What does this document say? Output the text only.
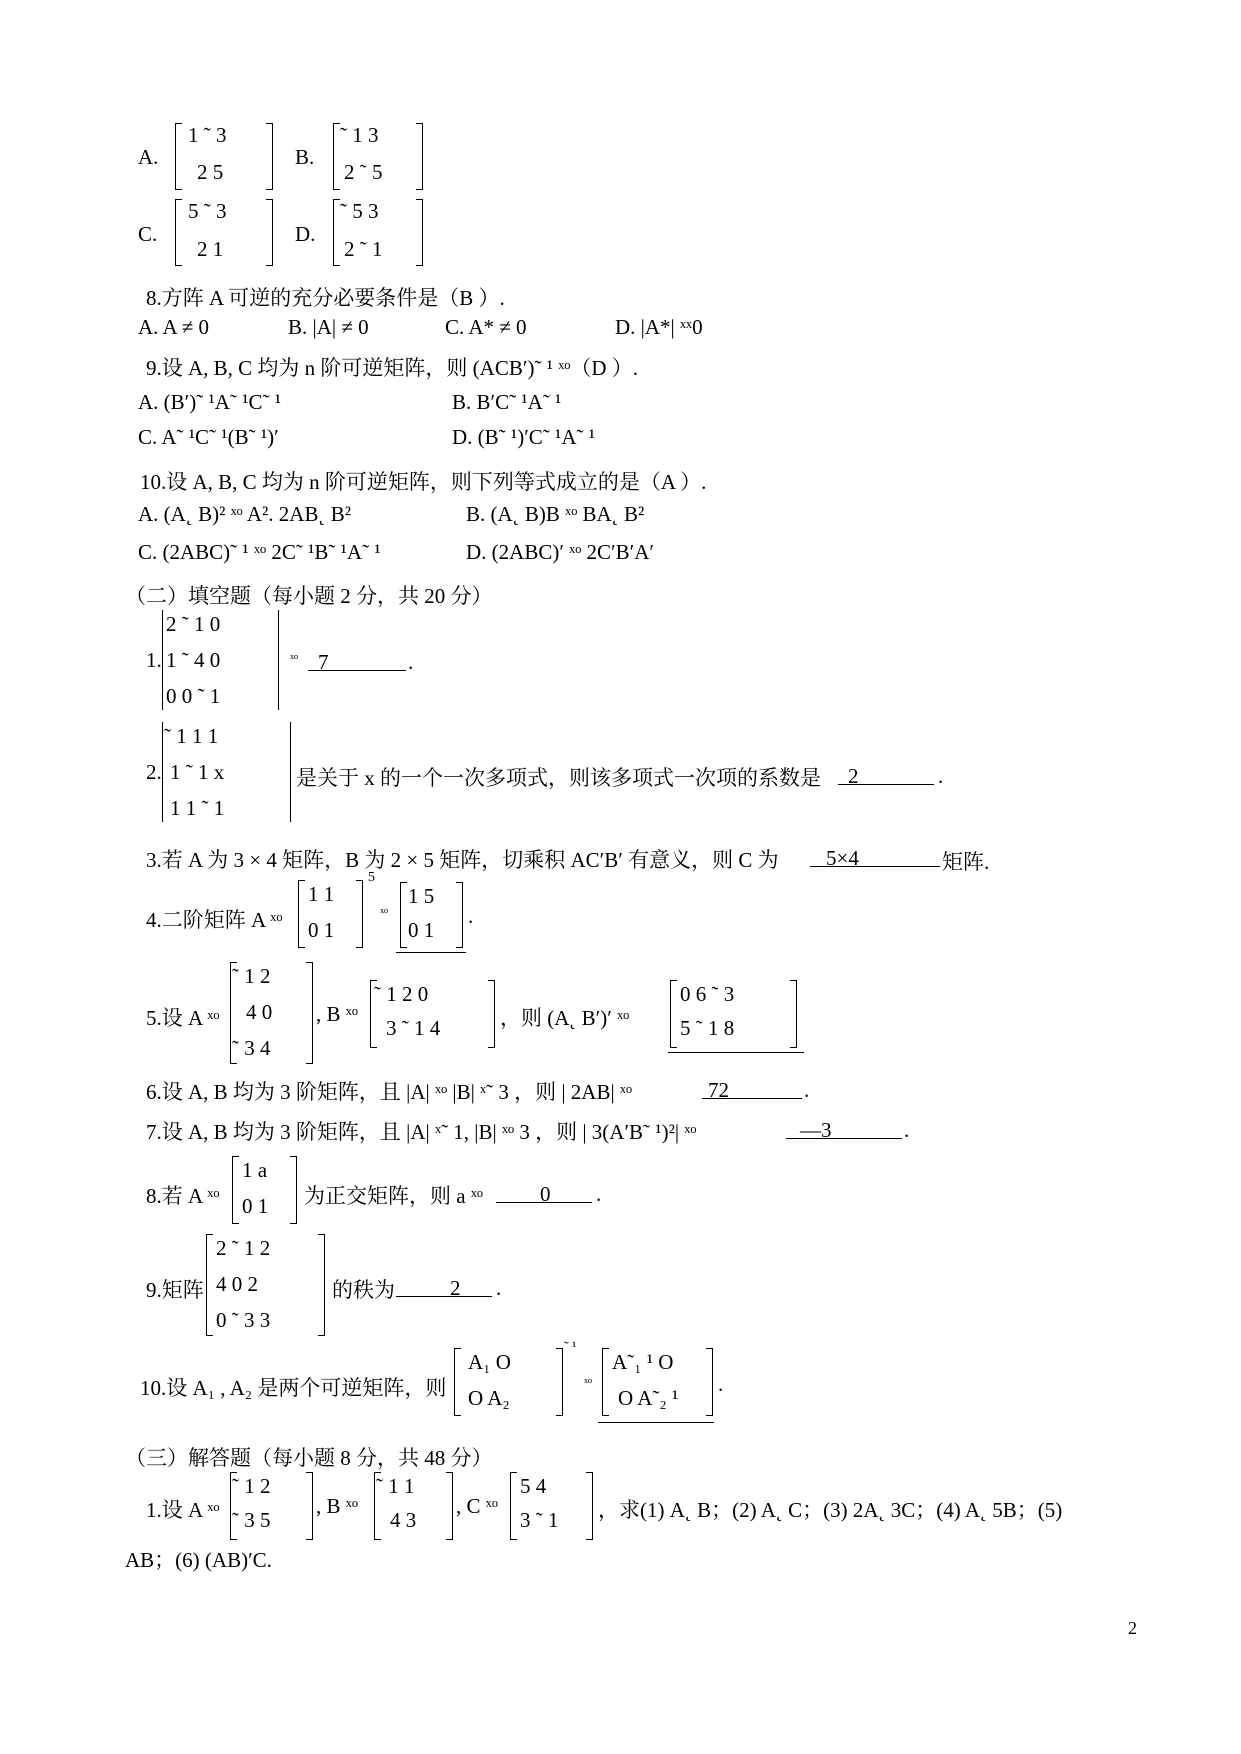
A.
1 ˜ 3
2 5
B.
˜ 1 3
2 ˜ 5
C.
5 ˜ 3
2 1
D.
˜ 5 3
2 ˜ 1
8.方阵 A 可逆的充分必要条件是（B ）.
A. A ≠ 0	B. |A| ≠ 0	C. A* ≠ 0	D. |A*| ˣˣ0
9.设 A, B, C 均为 n 阶可逆矩阵，则 (ACB′)˜ ¹ ˣᵒ（D ）.
A. (B′)˜ ¹A˜ ¹C˜ ¹	B. B′C˜ ¹A˜ ¹
C. A˜ ¹C˜ ¹(B˜ ¹)′	D. (B˜ ¹)′C˜ ¹A˜ ¹
10.设 A, B, C 均为 n 阶可逆矩阵，则下列等式成立的是（A ）.
A. (A˛ B)² ˣᵒ A². 2AB˛ B²	B. (A˛ B)B ˣᵒ BA˛ B²
C. (2ABC)˜ ¹ ˣᵒ 2C˜ ¹B˜ ¹A˜ ¹	D. (2ABC)′ ˣᵒ 2C′B′A′
（二）填空题（每小题 2 分，共 20 分）
1.
2 ˜ 1 0
1 ˜ 4 0
0 0 ˜ 1
ˣᵒ 7	.
2.
˜ 1 1 1
1 ˜ 1 x
1 1 ˜ 1
是关于 x 的一个一次多项式，则该多项式一次项的系数是 2	.
3.若 A 为 3 × 4 矩阵，B 为 2 × 5 矩阵，切乘积 AC′B′ 有意义，则 C 为 5×4	矩阵.
4.二阶矩阵 A ˣᵒ
1 1
0 1
5
ˣᵒ
1 5
0 1
.
5.设 A ˣᵒ
˜ 1 2
4 0
˜ 3 4
, B ˣᵒ
˜ 1 2 0
3 ˜ 1 4	，则 (A˛ B′)′ ˣᵒ
0 6 ˜ 3
5 ˜ 1 8
6.设 A, B 均为 3 阶矩阵，且 |A| ˣᵒ |B| ˣ˜ 3 ，则 | 2AB| ˣᵒ	72	.
7.设 A, B 均为 3 阶矩阵，且 |A| ˣ˜ 1, |B| ˣᵒ 3 ，则 | 3(A′B˜ ¹)²| ˣᵒ	—3	.
8.若 A ˣᵒ
1 a
0 1 为正交矩阵，则 a ˣᵒ	0 .
9.矩阵
2 ˜ 1 2
4 0 2
0 ˜ 3 3
的秩为	2 .
10.设 A₁ , A₂ 是两个可逆矩阵，则
A₁ O
O A₂
˜ ¹
ˣᵒ
A˜₁ ¹ O
O A˜₂ ¹
.
（三）解答题（每小题 8 分，共 48 分）
1.设 A ˣᵒ
˜ 1 2
˜ 3 5
, B ˣᵒ
˜ 1 1
4 3
, C ˣᵒ
5 4
3 ˜ 1 ，求(1) A˛ B；(2) A˛ C；(3) 2A˛ 3C；(4) A˛ 5B；(5)
AB；(6) (AB)′C.
2
